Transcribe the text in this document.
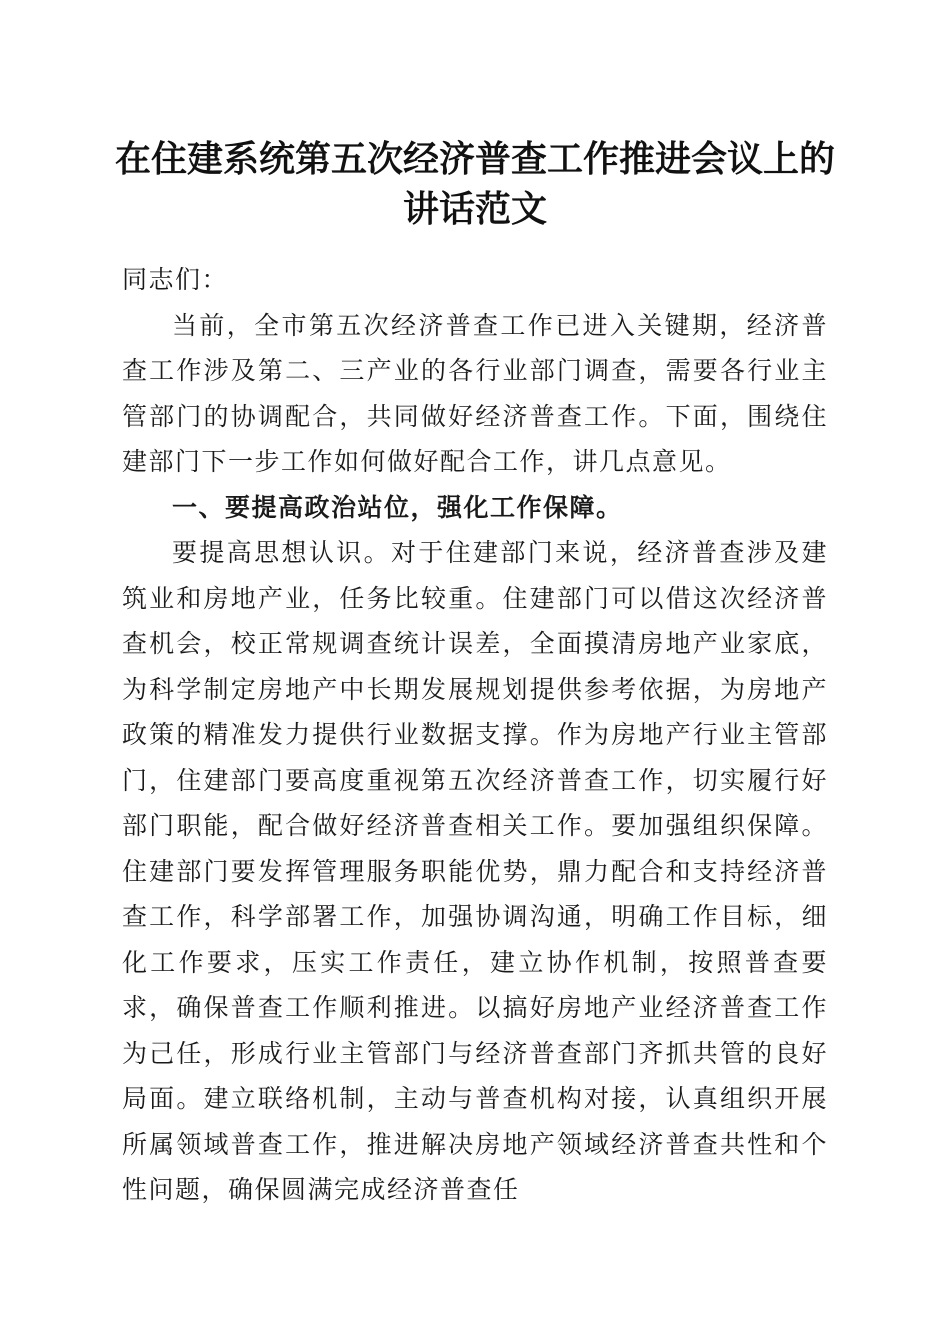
在住建系统第五次经济普查工作推进会议上的
讲话范文

同志们：

当前，全市第五次经济普查工作已进入关键期，经济普查工作涉及第二、三产业的各行业部门调查，需要各行业主管部门的协调配合，共同做好经济普查工作。下面，围绕住建部门下一步工作如何做好配合工作，讲几点意见。

一、要提高政治站位，强化工作保障。

要提高思想认识。对于住建部门来说，经济普查涉及建筑业和房地产业，任务比较重。住建部门可以借这次经济普查机会，校正常规调查统计误差，全面摸清房地产业家底，为科学制定房地产中长期发展规划提供参考依据，为房地产政策的精准发力提供行业数据支撑。作为房地产行业主管部门，住建部门要高度重视第五次经济普查工作，切实履行好部门职能，配合做好经济普查相关工作。要加强组织保障。住建部门要发挥管理服务职能优势，鼎力配合和支持经济普查工作，科学部署工作，加强协调沟通，明确工作目标，细化工作要求，压实工作责任，建立协作机制，按照普查要求，确保普查工作顺利推进。以搞好房地产业经济普查工作为己任，形成行业主管部门与经济普查部门齐抓共管的良好局面。建立联络机制，主动与普查机构对接，认真组织开展所属领域普查工作，推进解决房地产领域经济普查共性和个性问题，确保圆满完成经济普查任
